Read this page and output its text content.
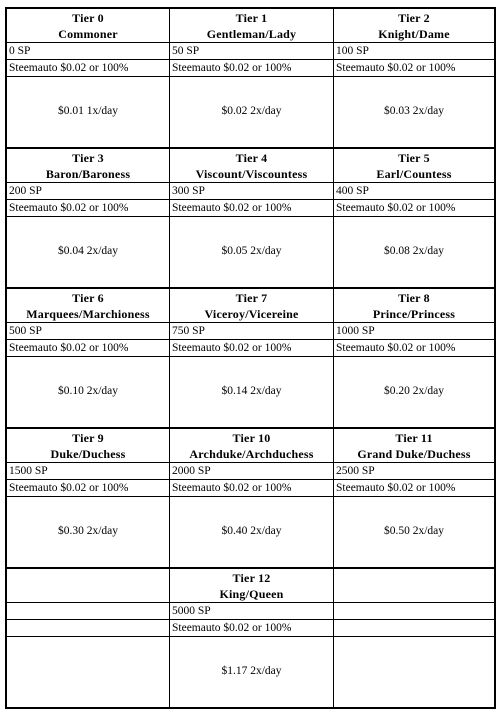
Tier 0
Commoner
0 SP
Steemauto $0.02 or 100%
$0.01 1x/day
Tier 1
Gentleman/Lady
50 SP
Steemauto $0.02 or 100%
$0.02 2x/day
Tier 2
Knight/Dame
100 SP
Steemauto $0.02 or 100%
$0.03 2x/day
Tier 3
Baron/Baroness
200 SP
Steemauto $0.02 or 100%
$0.04 2x/day
Tier 4
Viscount/Viscountess
300 SP
Steemauto $0.02 or 100%
$0.05 2x/day
Tier 5
Earl/Countess
400 SP
Steemauto $0.02 or 100%
$0.08 2x/day
Tier 6
Marquees/Marchioness
500 SP
Steemauto $0.02 or 100%
$0.10 2x/day
Tier 7
Viceroy/Vicereine
750 SP
Steemauto $0.02 or 100%
$0.14 2x/day
Tier 8
Prince/Princess
1000 SP
Steemauto $0.02 or 100%
$0.20 2x/day
Tier 9
Duke/Duchess
1500 SP
Steemauto $0.02 or 100%
$0.30 2x/day
Tier 10
Archduke/Archduchess
2000 SP
Steemauto $0.02 or 100%
$0.40 2x/day
Tier 11
Grand Duke/Duchess
2500 SP
Steemauto $0.02 or 100%
$0.50 2x/day
Tier 12
King/Queen
5000 SP
Steemauto $0.02 or 100%
$1.17 2x/day
